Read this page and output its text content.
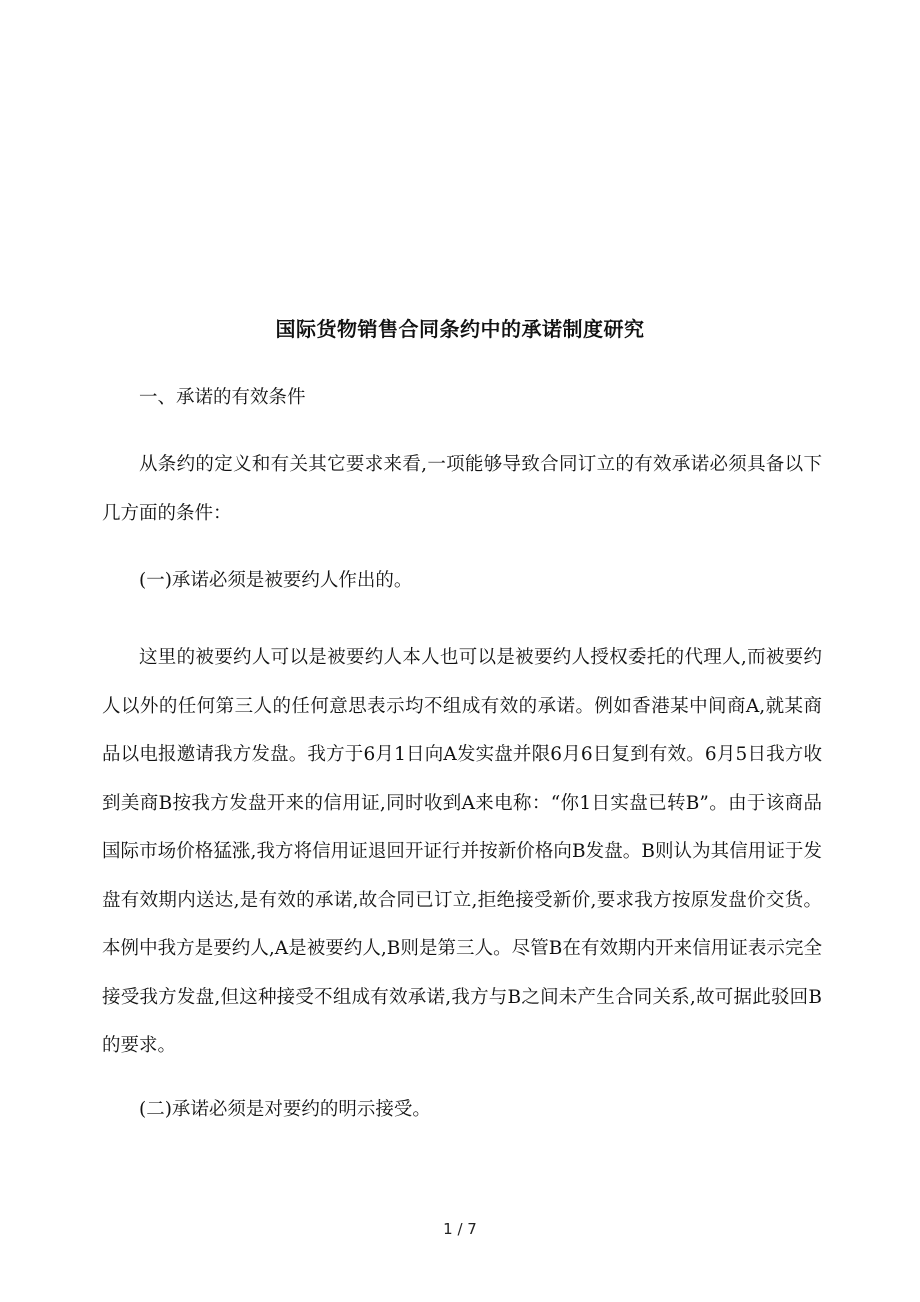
国际货物销售合同条约中的承诺制度研究

一、承诺的有效条件

从条约的定义和有关其它要求来看,一项能够导致合同订立的有效承诺必须具备以下几方面的条件：

(一)承诺必须是被要约人作出的。

这里的被要约人可以是被要约人本人也可以是被要约人授权委托的代理人,而被要约人以外的任何第三人的任何意思表示均不组成有效的承诺。例如香港某中间商A,就某商品以电报邀请我方发盘。我方于6月1日向A发实盘并限6月6日复到有效。6月5日我方收到美商B按我方发盘开来的信用证,同时收到A来电称：“你1日实盘已转B”。由于该商品国际市场价格猛涨,我方将信用证退回开证行并按新价格向B发盘。B则认为其信用证于发盘有效期内送达,是有效的承诺,故合同已订立,拒绝接受新价,要求我方按原发盘价交货。本例中我方是要约人,A是被要约人,B则是第三人。尽管B在有效期内开来信用证表示完全接受我方发盘,但这种接受不组成有效承诺,我方与B之间未产生合同关系,故可据此驳回B的要求。

(二)承诺必须是对要约的明示接受。

1 / 7
